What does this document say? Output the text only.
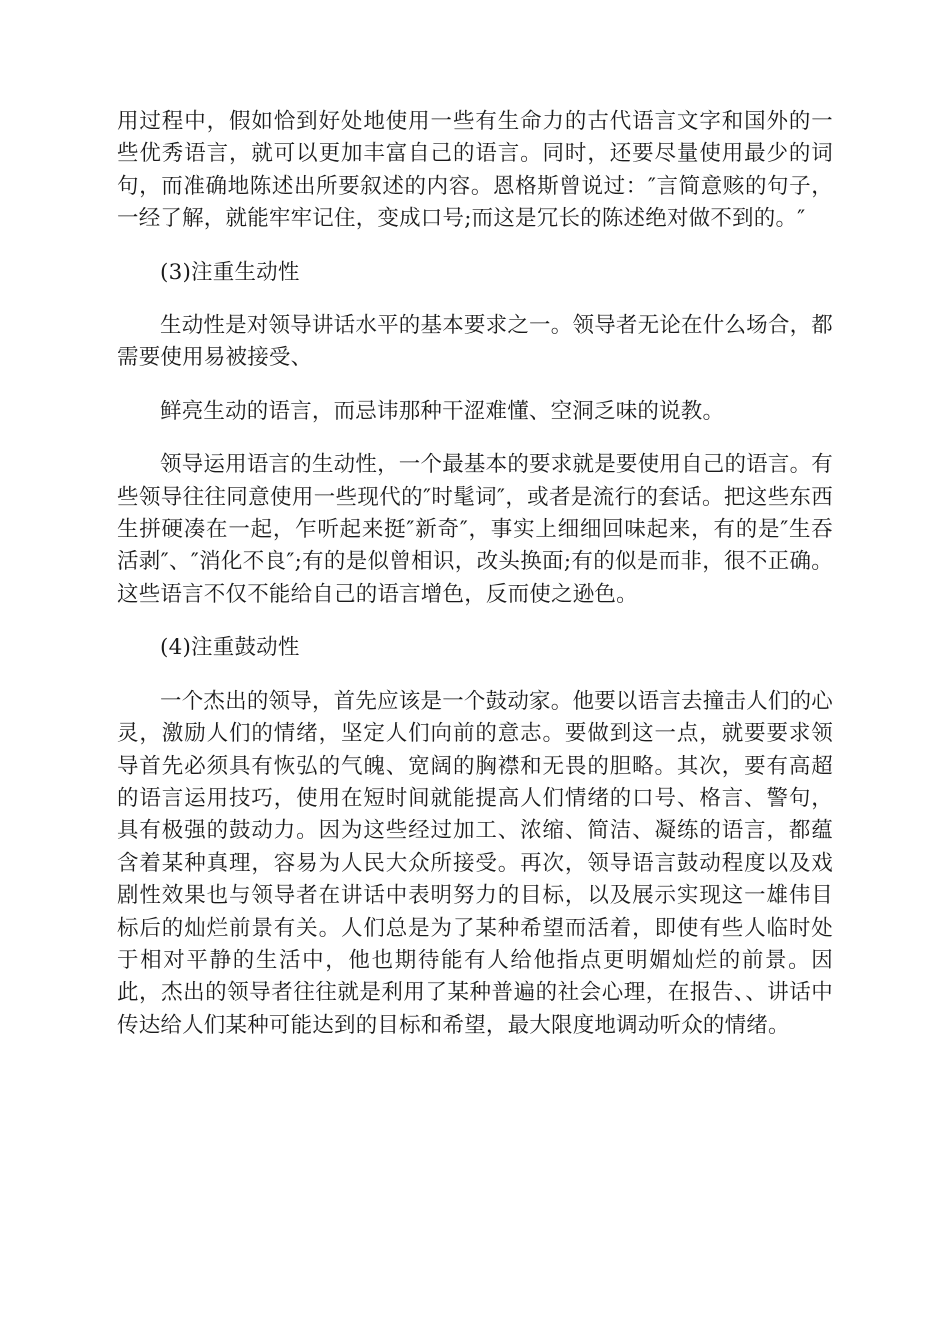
用过程中，假如恰到好处地使用一些有生命力的古代语言文字和国外的一些优秀语言，就可以更加丰富自己的语言。同时，还要尽量使用最少的词句，而准确地陈述出所要叙述的内容。恩格斯曾说过：″言简意赅的句子，一经了解，就能牢牢记住，变成口号;而这是冗长的陈述绝对做不到的。″

(3)注重生动性

生动性是对领导讲话水平的基本要求之一。领导者无论在什么场合，都需要使用易被接受、

鲜亮生动的语言，而忌讳那种干涩难懂、空洞乏味的说教。

领导运用语言的生动性，一个最基本的要求就是要使用自己的语言。有些领导往往同意使用一些现代的″时髦词″，或者是流行的套话。把这些东西生拼硬凑在一起，乍听起来挺″新奇″，事实上细细回味起来，有的是″生吞活剥″、″消化不良″;有的是似曾相识，改头换面;有的似是而非，很不正确。这些语言不仅不能给自己的语言增色，反而使之逊色。

(4)注重鼓动性

一个杰出的领导，首先应该是一个鼓动家。他要以语言去撞击人们的心灵，激励人们的情绪，坚定人们向前的意志。要做到这一点，就要要求领导首先必须具有恢弘的气魄、宽阔的胸襟和无畏的胆略。其次，要有高超的语言运用技巧，使用在短时间就能提高人们情绪的口号、格言、警句，具有极强的鼓动力。因为这些经过加工、浓缩、简洁、凝练的语言，都蕴含着某种真理，容易为人民大众所接受。再次，领导语言鼓动程度以及戏剧性效果也与领导者在讲话中表明努力的目标，以及展示实现这一雄伟目标后的灿烂前景有关。人们总是为了某种希望而活着，即使有些人临时处于相对平静的生活中，他也期待能有人给他指点更明媚灿烂的前景。因此，杰出的领导者往往就是利用了某种普遍的社会心理，在报告、、讲话中传达给人们某种可能达到的目标和希望，最大限度地调动听众的情绪。
